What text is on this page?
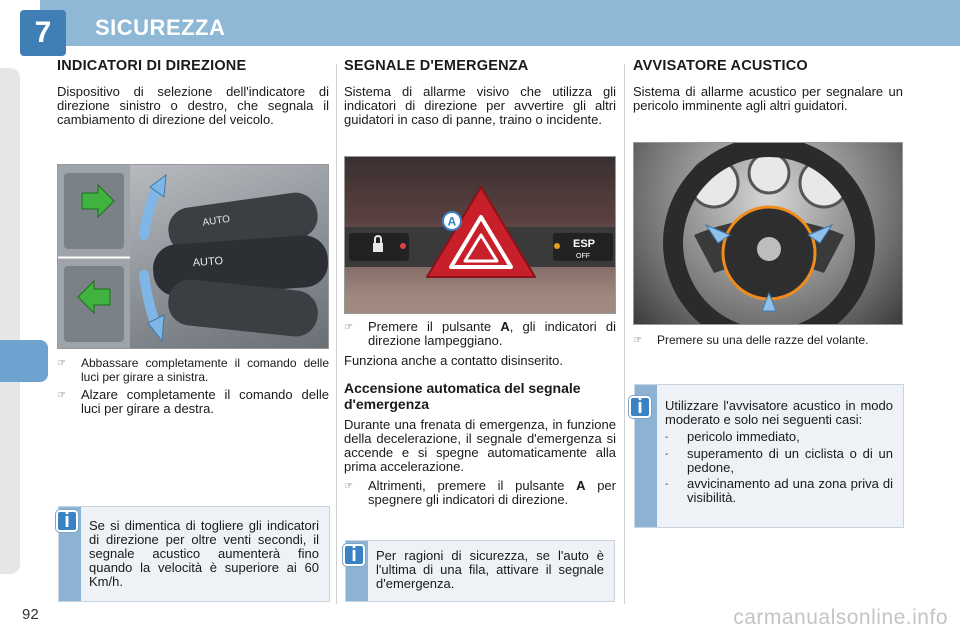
7	SICUREZZA
INDICATORI DI DIREZIONE

Dispositivo di selezione dell'indicatore di direzione sinistro o destro, che segnala il cambiamento di direzione del veicolo.

AUTO
AUTO
☞	Abbassare completamente il comando delle luci per girare a sinistra.
☞	Alzare completamente il comando delle luci per girare a destra.
Se si dimentica di togliere gli indicatori di direzione per oltre venti secondi, il segnale acustico aumenterà fino quando la velocità è superiore ai 60 Km/h.
i
SEGNALE D'EMERGENZA

Sistema di allarme visivo che utilizza gli indicatori di direzione per avvertire gli altri guidatori in caso di panne, traino o incidente.

ESP
OFF
A
☞	Premere il pulsante A, gli indicatori di direzione lampeggiano.

Funziona anche a contatto disinserito.

Accensione automatica del segnale d'emergenza

Durante una frenata di emergenza, in funzione della decelerazione, il segnale d'emergenza si accende e si spegne automaticamente alla prima accelerazione.

☞	Altrimenti, premere il pulsante A per spegnere gli indicatori di direzione.
Per ragioni di sicurezza, se l'auto è l'ultima di una fila, attivare il segnale d'emergenza.
i
AVVISATORE ACUSTICO

Sistema di allarme acustico per segnalare un pericolo imminente agli altri guidatori.

☞	Premere su una delle razze del volante.
Utilizzare l'avvisatore acustico in modo moderato e solo nei seguenti casi:
-	pericolo immediato,
-	superamento di un ciclista o di un pedone,
-	avvicinamento ad una zona priva di visibilità.
i
92	carmanualsonline.info
